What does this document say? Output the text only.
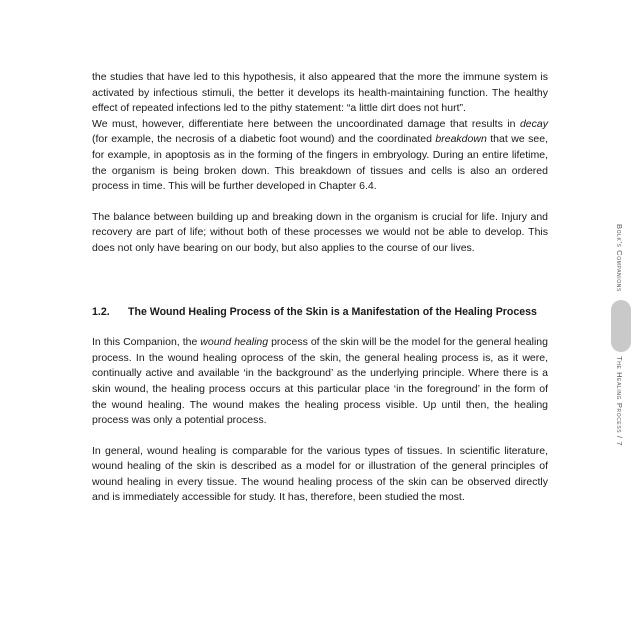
the studies that have led to this hypothesis, it also appeared that the more the immune system is activated by infectious stimuli, the better it develops its health-maintaining function. The healthy effect of repeated infections led to the pithy statement: “a little dirt does not hurt”.

We must, however, differentiate here between the uncoordinated damage that results in decay (for example, the necrosis of a diabetic foot wound) and the coordinated breakdown that we see, for example, in apoptosis as in the forming of the fingers in embryology. During an entire lifetime, the organism is being broken down. This breakdown of tissues and cells is also an ordered process in time. This will be further developed in Chapter 6.4.

The balance between building up and breaking down in the organism is crucial for life. Injury and recovery are part of life; without both of these processes we would not be able to develop. This does not only have bearing on our body, but also applies to the course of our lives.

1.2.	The Wound Healing Process of the Skin is a Manifestation of the Healing Process

In this Companion, the wound healing process of the skin will be the model for the general healing process. In the wound healing oprocess of the skin, the general healing process is, as it were, continually active and available ‘in the background’ as the underlying principle. Where there is a skin wound, the healing process occurs at this particular place ‘in the foreground’ in the form of the wound healing. The wound makes the healing process visible. Up until then, the healing process was only a potential process.

In general, wound healing is comparable for the various types of tissues. In scientific literature, wound healing of the skin is described as a model for or illustration of the general principles of wound healing in every tissue. The wound healing process of the skin can be observed directly and is immediately accessible for study. It has, therefore, been studied the most.

Bolk's Companions
The Healing Process / 7
